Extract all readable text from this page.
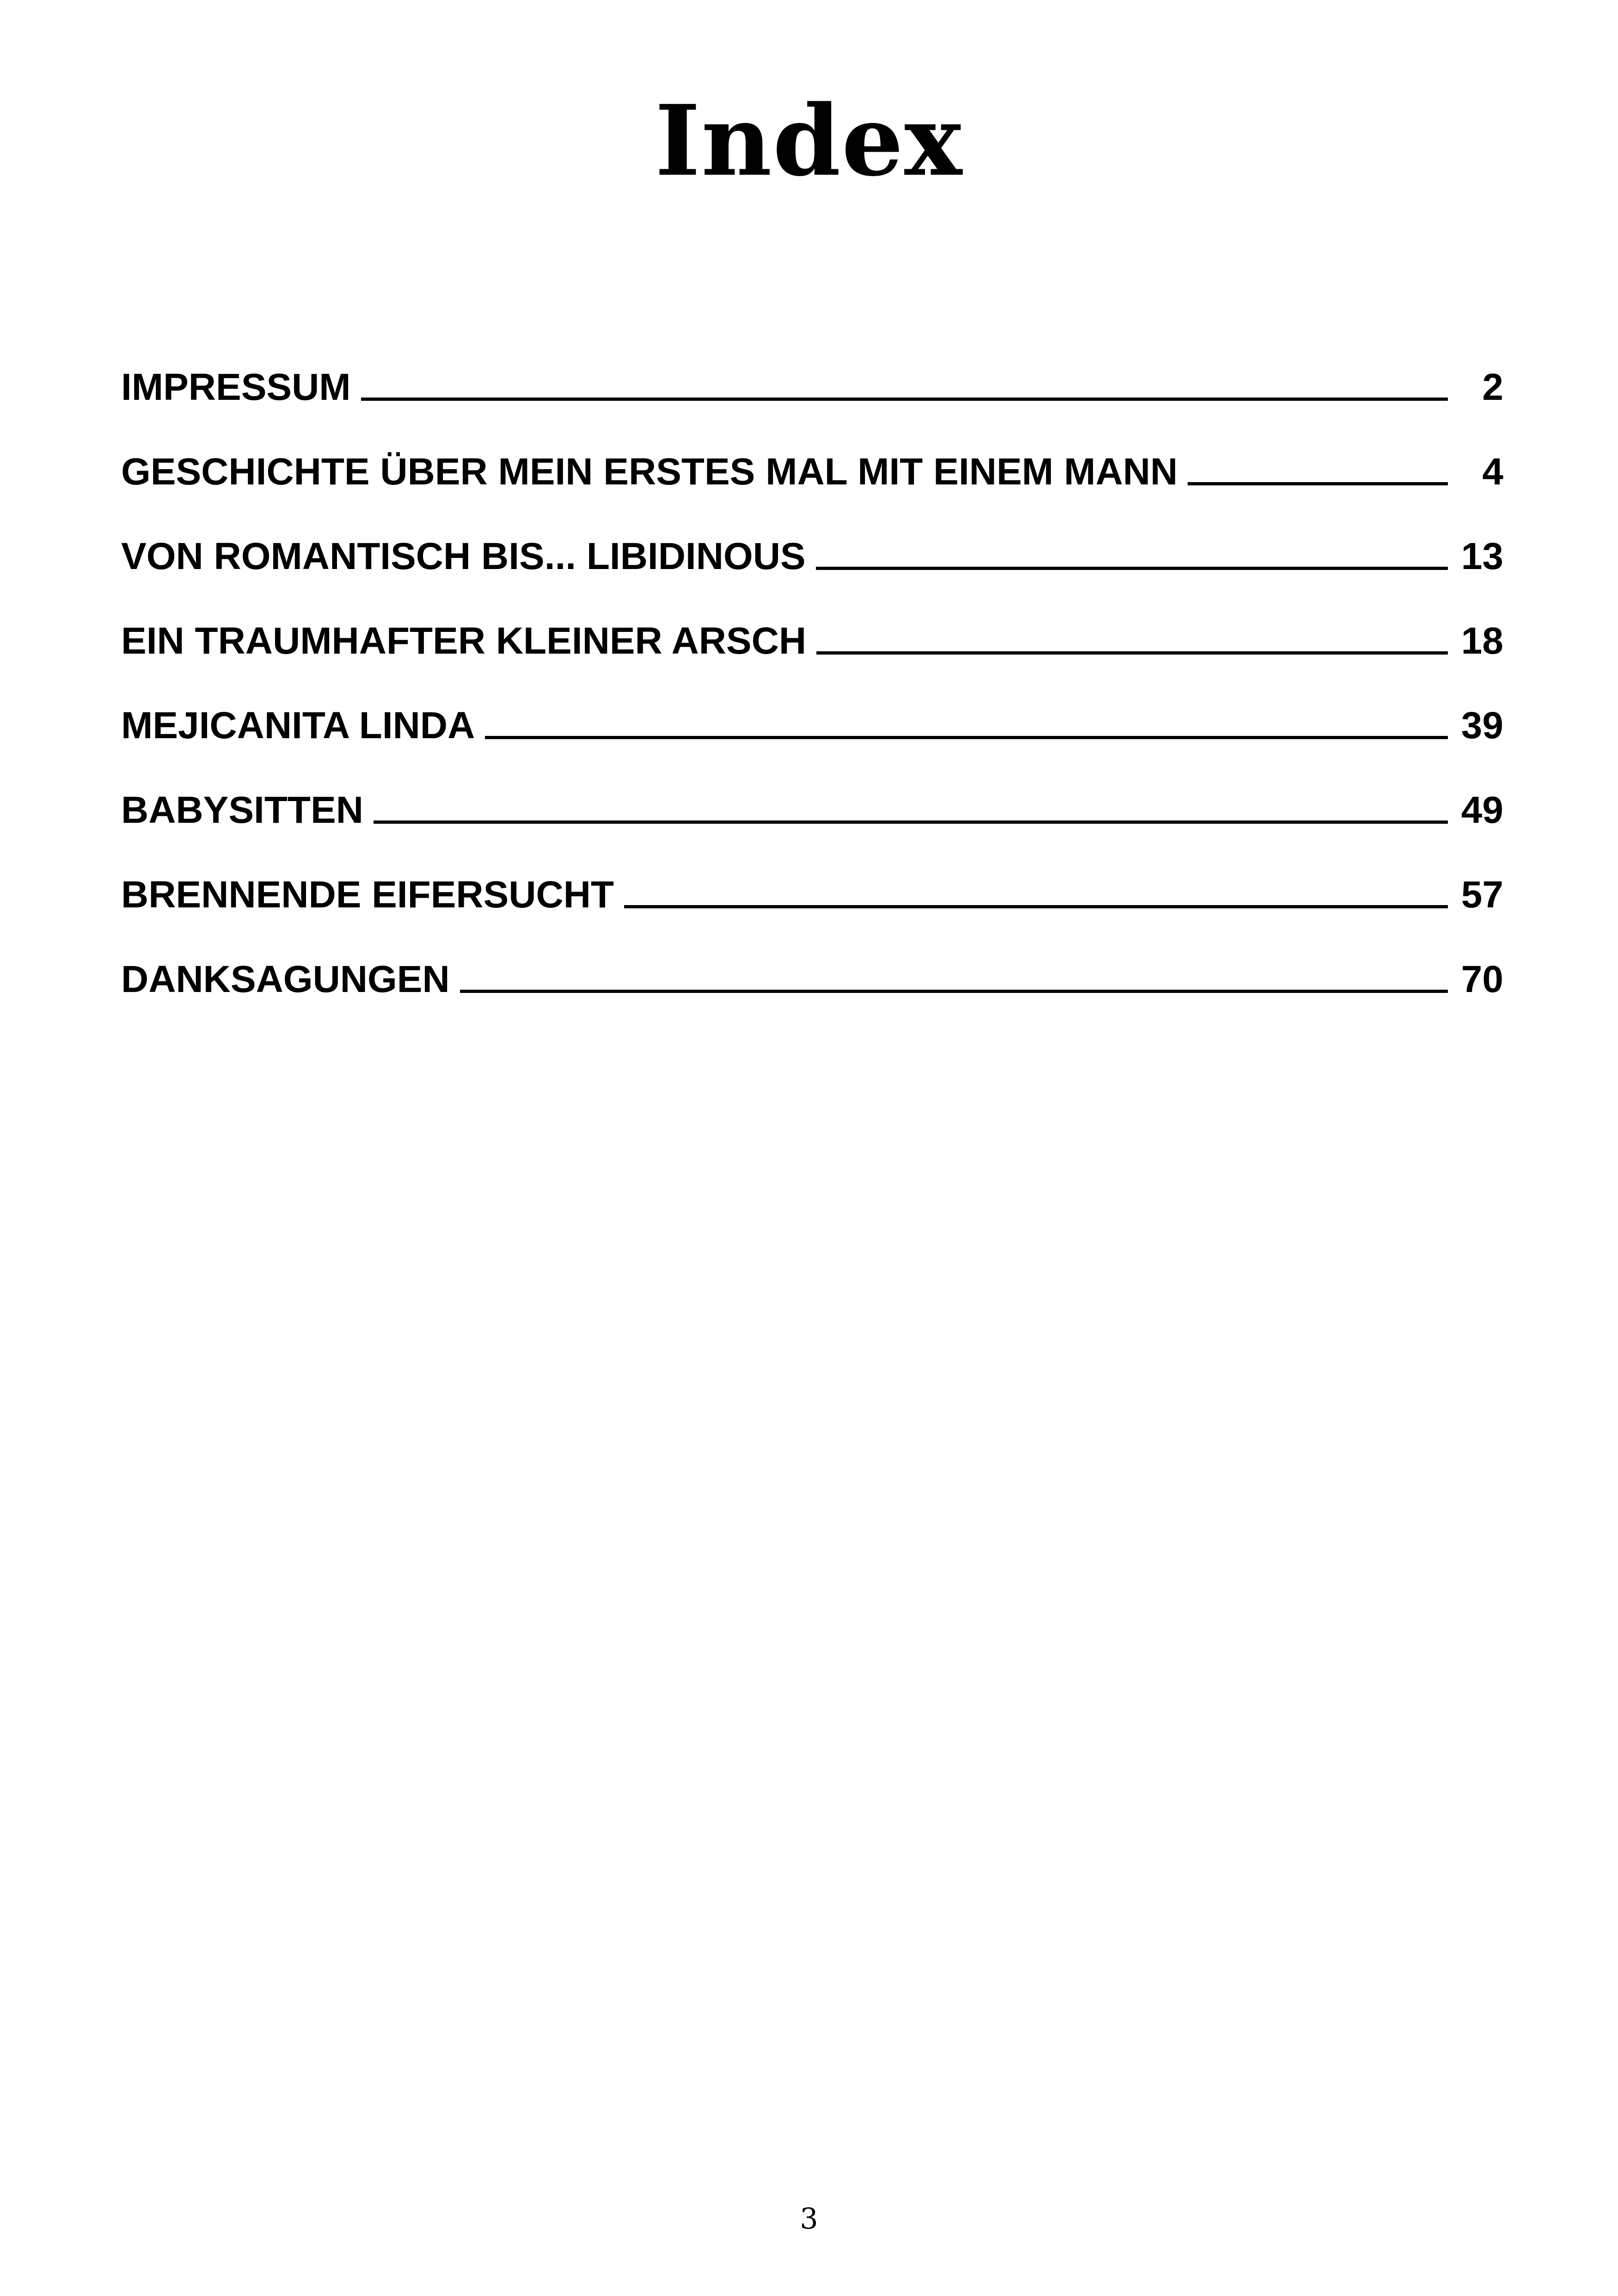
Index
IMPRESSUM	2
GESCHICHTE ÜBER MEIN ERSTES MAL MIT EINEM MANN	4
VON ROMANTISCH BIS... LIBIDINOUS	13
EIN TRAUMHAFTER KLEINER ARSCH	18
MEJICANITA LINDA	39
BABYSITTEN	49
BRENNENDE EIFERSUCHT	57
DANKSAGUNGEN	70
3
